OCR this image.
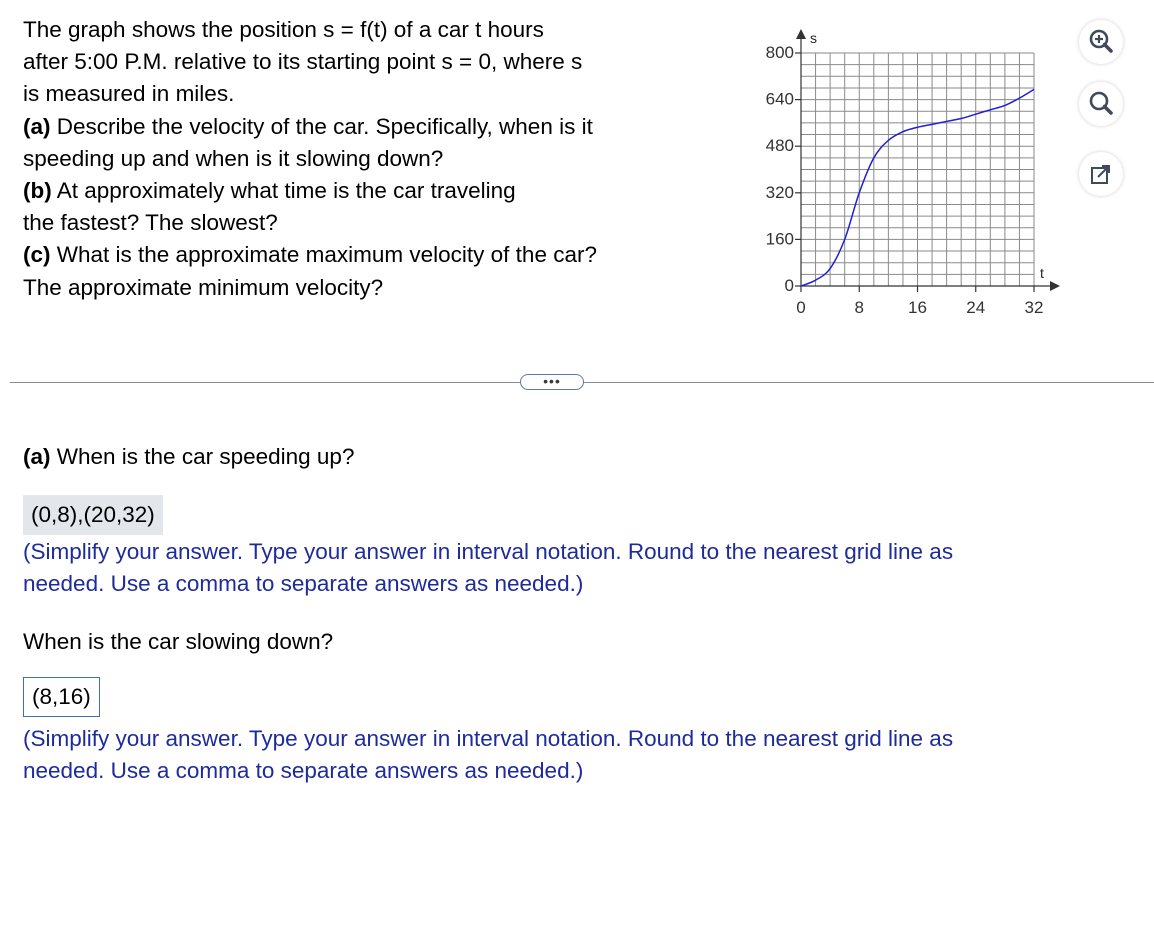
The graph shows the position s = f(t) of a car t hours
after 5:00 P.M. relative to its starting point s = 0, where s
is measured in miles.
(a) Describe the velocity of the car. Specifically, when is it
speeding up and when is it slowing down?
(b) At approximately what time is the car traveling
the fastest? The slowest?
(c) What is the approximate maximum velocity of the car?
The approximate minimum velocity?
s
t
0
160
320
480
640
800
0	8	16 24 32
•••
(a) When is the car speeding up?
(0,8),(20,32)
(Simplify your answer. Type your answer in interval notation. Round to the nearest grid line as
needed. Use a comma to separate answers as needed.)
When is the car slowing down?
(8,16)
(Simplify your answer. Type your answer in interval notation. Round to the nearest grid line as
needed. Use a comma to separate answers as needed.)
